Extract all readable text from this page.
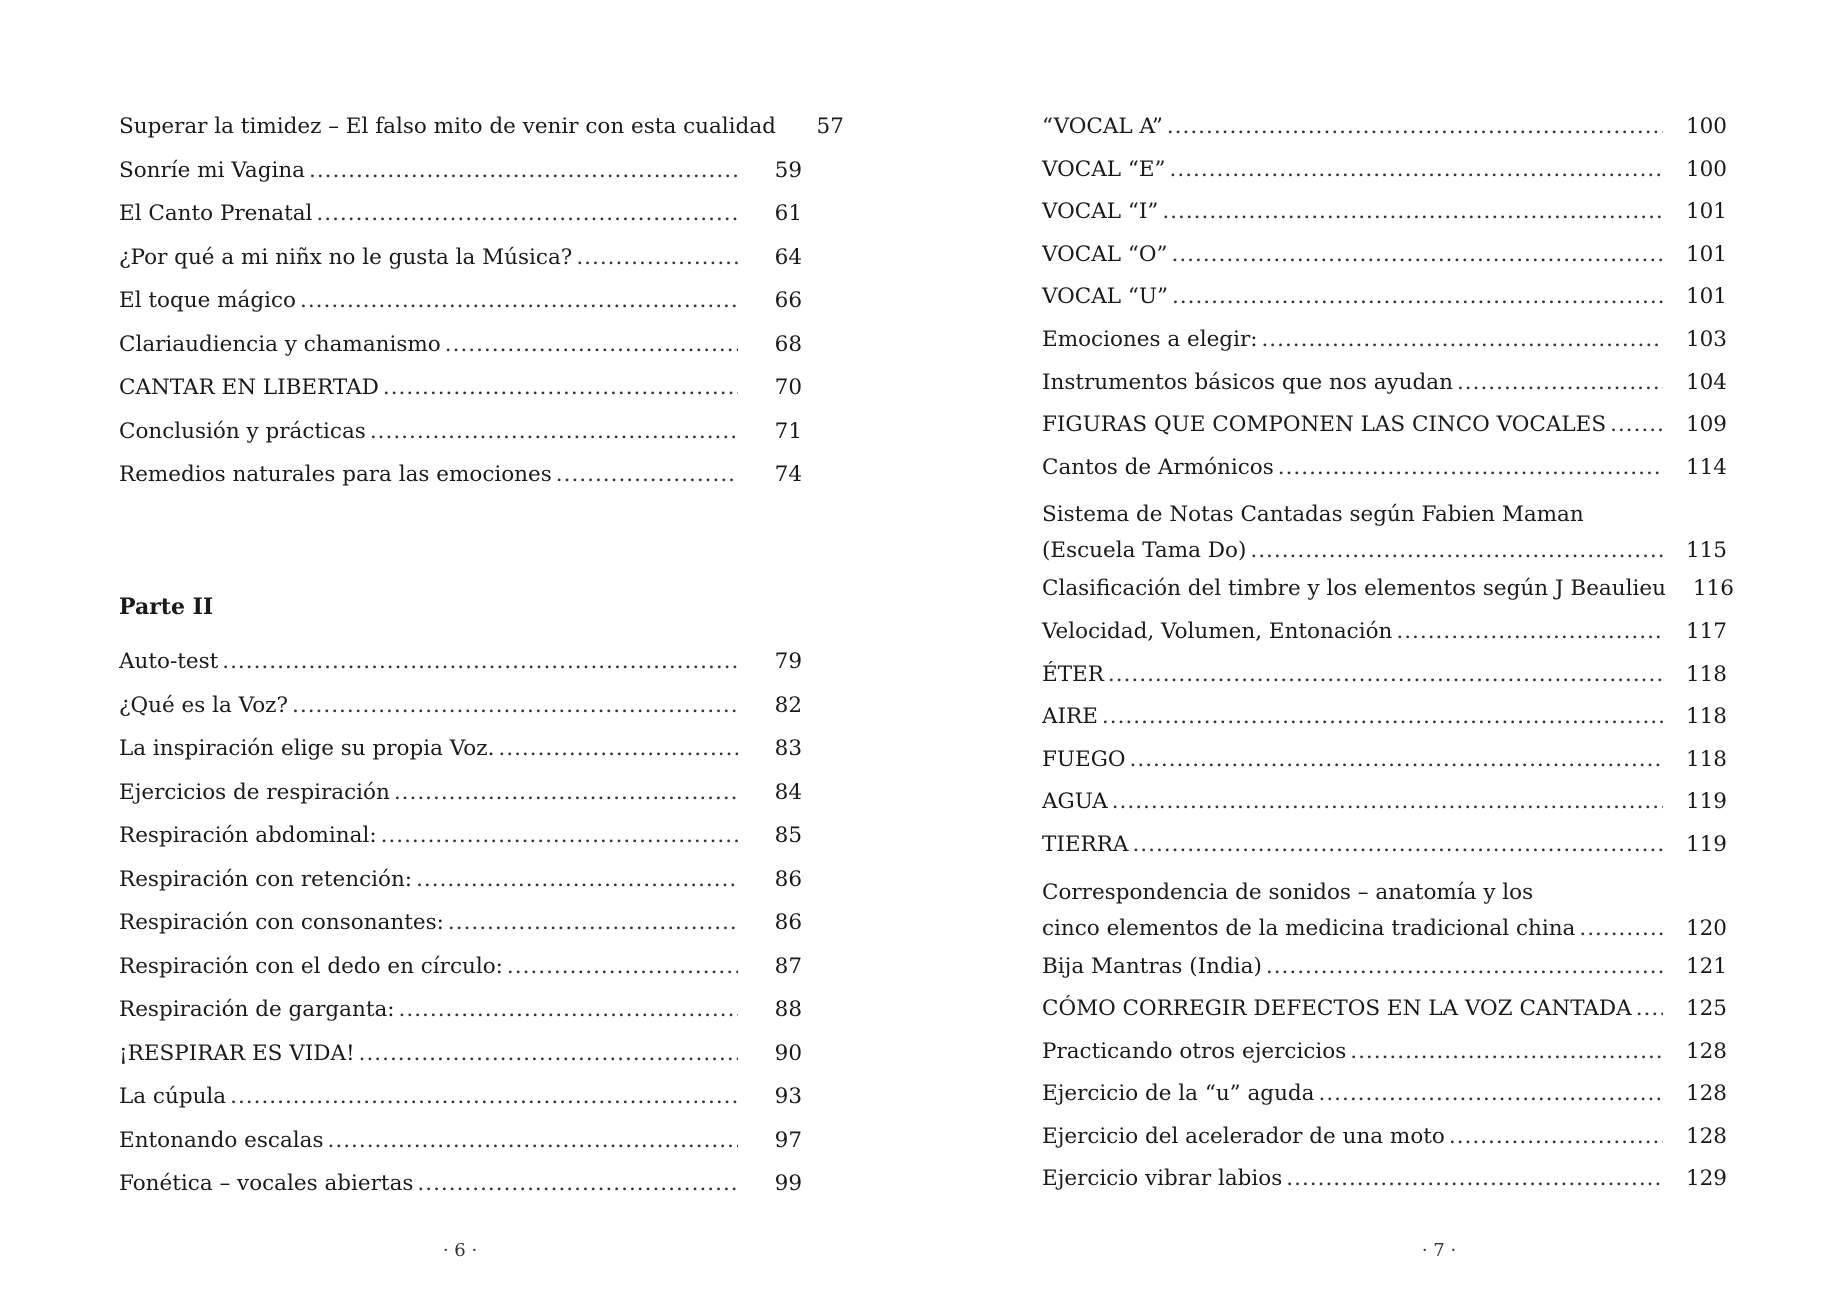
Superar la timidez – El falso mito de venir con esta cualidad	57
Sonríe mi Vagina .....	59
El Canto Prenatal .....	61
¿Por qué a mi niñx no le gusta la Música? .....	64
El toque mágico .....	66
Clariaudiencia y chamanismo .....	68
CANTAR EN LIBERTAD .....	70
Conclusión y prácticas .....	71
Remedios naturales para las emociones .....	74
Parte II
Auto-test .....	79
¿Qué es la Voz? .....	82
La inspiración elige su propia Voz. .....	83
Ejercicios de respiración .....	84
Respiración abdominal: .....	85
Respiración con retención: .....	86
Respiración con consonantes: .....	86
Respiración con el dedo en círculo: .....	87
Respiración de garganta: .....	88
¡RESPIRAR ES VIDA! .....	90
La cúpula .....	93
Entonando escalas .....	97
Fonética – vocales abiertas .....	99
· 6 ·
“VOCAL A” .....	100
VOCAL “E” .....	100
VOCAL “I” .....	101
VOCAL “O” .....	101
VOCAL “U” .....	101
Emociones a elegir: .....	103
Instrumentos básicos que nos ayudan .....	104
FIGURAS QUE COMPONEN LAS CINCO VOCALES .....	109
Cantos de Armónicos .....	114
Sistema de Notas Cantadas según Fabien Maman
(Escuela Tama Do) .....	115
Clasificación del timbre y los elementos según J Beaulieu	116
Velocidad, Volumen, Entonación .....	117
ÉTER .....	118
AIRE .....	118
FUEGO .....	118
AGUA .....	119
TIERRA .....	119
Correspondencia de sonidos – anatomía y los
cinco elementos de la medicina tradicional china .....	120
Bija Mantras (India) .....	121
CÓMO CORREGIR DEFECTOS EN LA VOZ CANTADA .....	125
Practicando otros ejercicios .....	128
Ejercicio de la “u” aguda .....	128
Ejercicio del acelerador de una moto .....	128
Ejercicio vibrar labios .....	129
· 7 ·
